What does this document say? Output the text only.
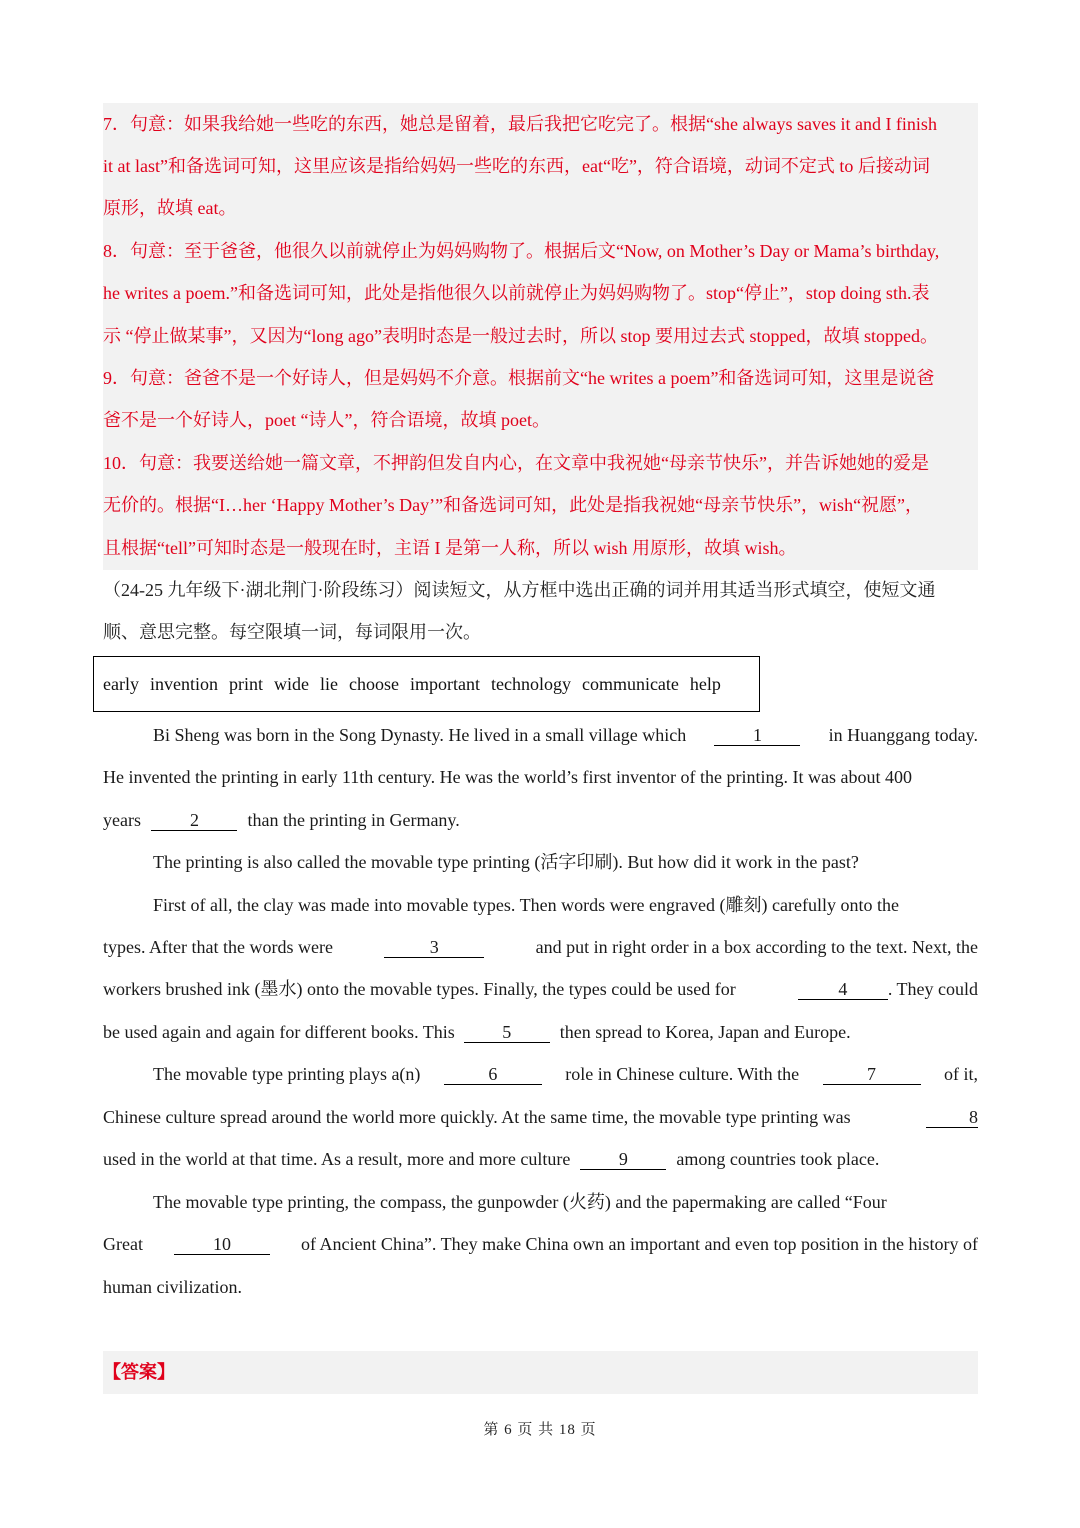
7．句意：如果我给她一些吃的东西，她总是留着，最后我把它吃完了。根据“she always saves it and I finish
it at last”和备选词可知，这里应该是指给妈妈一些吃的东西，eat“吃”，符合语境，动词不定式 to 后接动词
原形，故填 eat。
8．句意：至于爸爸，他很久以前就停止为妈妈购物了。根据后文“Now, on Mother’s Day or Mama’s birthday,
he writes a poem.”和备选词可知，此处是指他很久以前就停止为妈妈购物了。stop“停止”，stop doing sth.表
示 “停止做某事”，又因为“long ago”表明时态是一般过去时，所以 stop 要用过去式 stopped，故填 stopped。
9．句意：爸爸不是一个好诗人，但是妈妈不介意。根据前文“he writes a poem”和备选词可知，这里是说爸
爸不是一个好诗人，poet “诗人”，符合语境，故填 poet。
10．句意：我要送给她一篇文章，不押韵但发自内心，在文章中我祝她“母亲节快乐”，并告诉她她的爱是
无价的。根据“I…her ‘Happy Mother’s Day’”和备选词可知，此处是指我祝她“母亲节快乐”，wish“祝愿”，
且根据“tell”可知时态是一般现在时，主语 I 是第一人称，所以 wish 用原形，故填 wish。
（24-25 九年级下·湖北荆门·阶段练习）阅读短文，从方框中选出正确的词并用其适当形式填空，使短文通
顺、意思完整。每空限填一词，每词限用一次。
early invention print wide lie choose important technology communicate help
Bi Sheng was born in the Song Dynasty. He lived in a small village which	1	in Huanggang today.
He invented the printing in early 11th century. He was the world’s first inventor of the printing. It was about 400
years
	2	than the printing in Germany.
The printing is also called the movable type printing (活字印刷). But how did it work in the past?
First of all, the clay was made into movable types. Then words were engraved (雕刻) carefully onto the
types. After that the words were	3	and put in right order in a box according to the text. Next, the
workers brushed ink (墨水) onto the movable types. Finally, the types could be used for	4	. They could
be used again and again for different books. This	5	then spread to Korea, Japan and Europe.
The movable type printing plays a(n)	6	role in Chinese culture. With the	7	of it,
Chinese culture spread around the world more quickly. At the same time, the movable type printing was	8
used in the world at that time. As a result, more and more culture	9	among countries took place.
The movable type printing, the compass, the gunpowder (火药) and the papermaking are called “Four
Great	10	of Ancient China”. They make China own an important and even top position in the history of
human civilization.
【答案】
第 6 页 共 18 页
